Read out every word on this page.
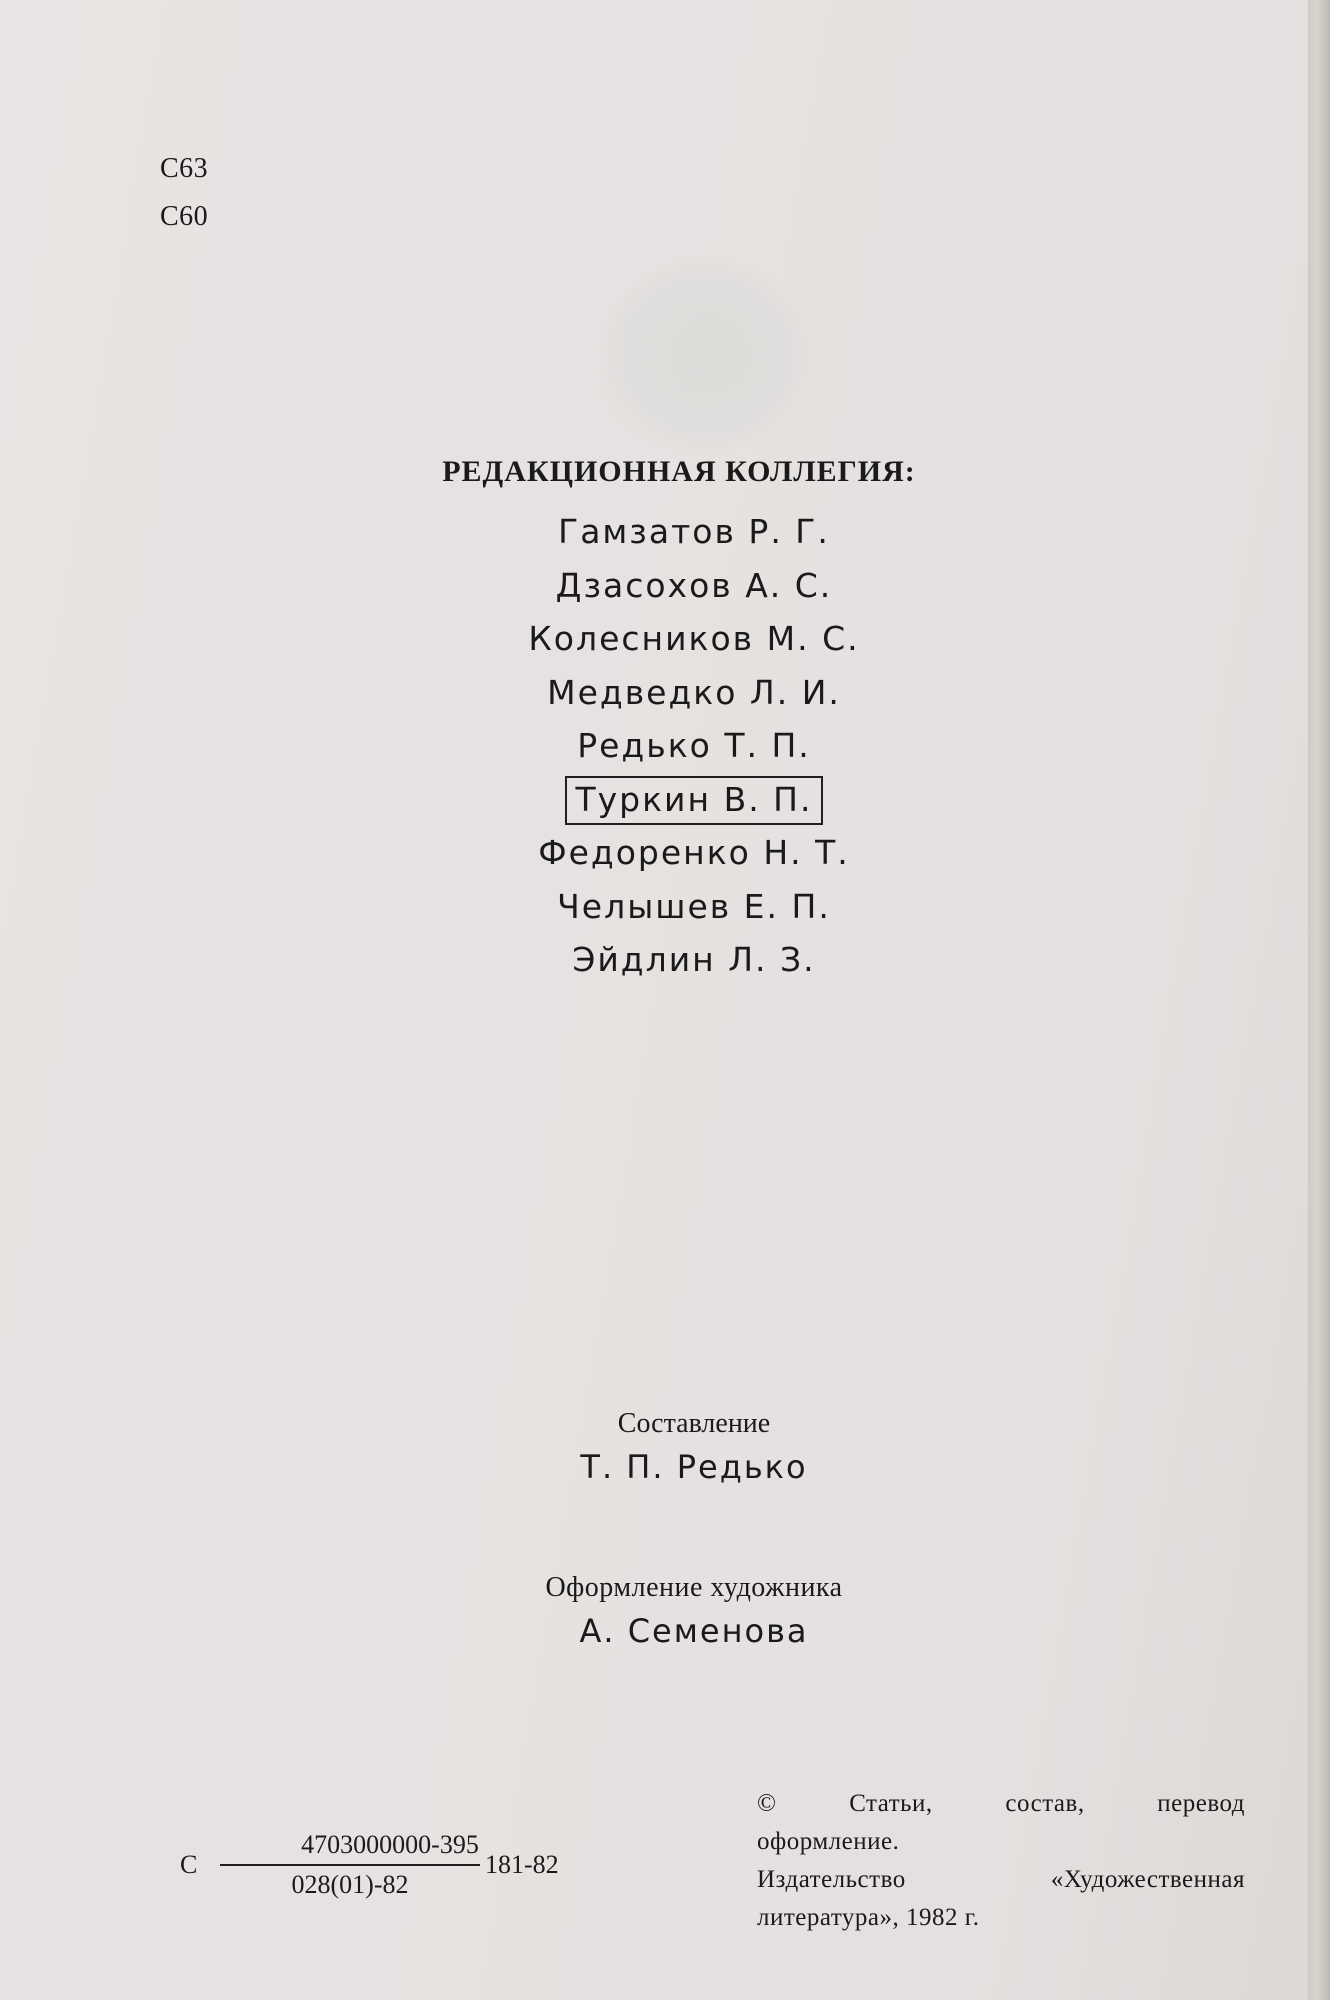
С63
С60
РЕДАКЦИОННАЯ КОЛЛЕГИЯ:
Гамзатов Р. Г.
Дзасохов А. С.
Колесников М. С.
Медведко Л. И.
Редько Т. П.
Туркин В. П.
Федоренко Н. Т.
Челышев Е. П.
Эйдлин Л. З.
Составление
Т. П. Редько
Оформление художника
А. Семенова
С
4703000000-395
181-82
028(01)-82
© Статьи, состав, перевод
оформление.
Издательство «Художественная
литература», 1982 г.
